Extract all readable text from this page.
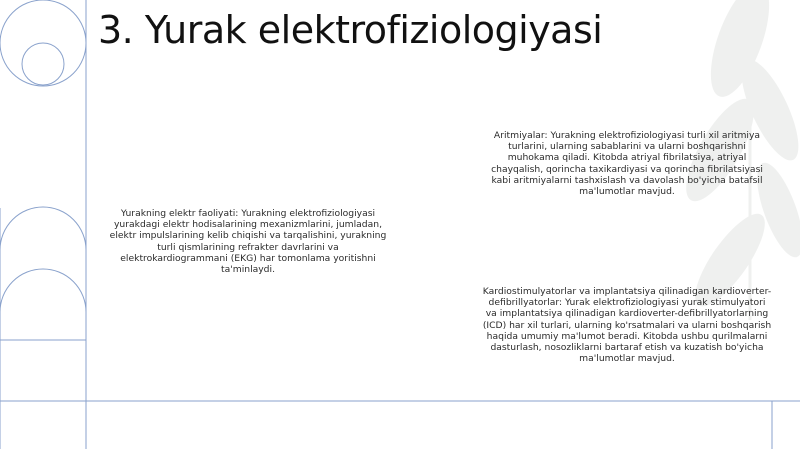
3. Yurak elektrofiziologiyasi

Aritmiyalar: Yurakning elektrofiziologiyasi turli xil aritmiya turlarini, ularning sabablarini va ularni boshqarishni muhokama qiladi. Kitobda atriyal fibrilatsiya, atriyal chayqalish, qorincha taxikardiyasi va qorincha fibrilatsiyasi kabi aritmiyalarni tashxislash va davolash bo'yicha batafsil ma'lumotlar mavjud.

Yurakning elektr faoliyati: Yurakning elektrofiziologiyasi yurakdagi elektr hodisalarining mexanizmlarini, jumladan, elektr impulslarining kelib chiqishi va tarqalishini, yurakning turli qismlarining refrakter davrlarini va elektrokardiogrammani (EKG) har tomonlama yoritishni ta'minlaydi.

Kardiostimulyatorlar va implantatsiya qilinadigan kardioverter-defibrillyatorlar: Yurak elektrofiziologiyasi yurak stimulyatori va implantatsiya qilinadigan kardioverter-defibrillyatorlarning (ICD) har xil turlari, ularning ko'rsatmalari va ularni boshqarish haqida umumiy ma'lumot beradi. Kitobda ushbu qurilmalarni dasturlash, nosozliklarni bartaraf etish va kuzatish bo'yicha ma'lumotlar mavjud.
